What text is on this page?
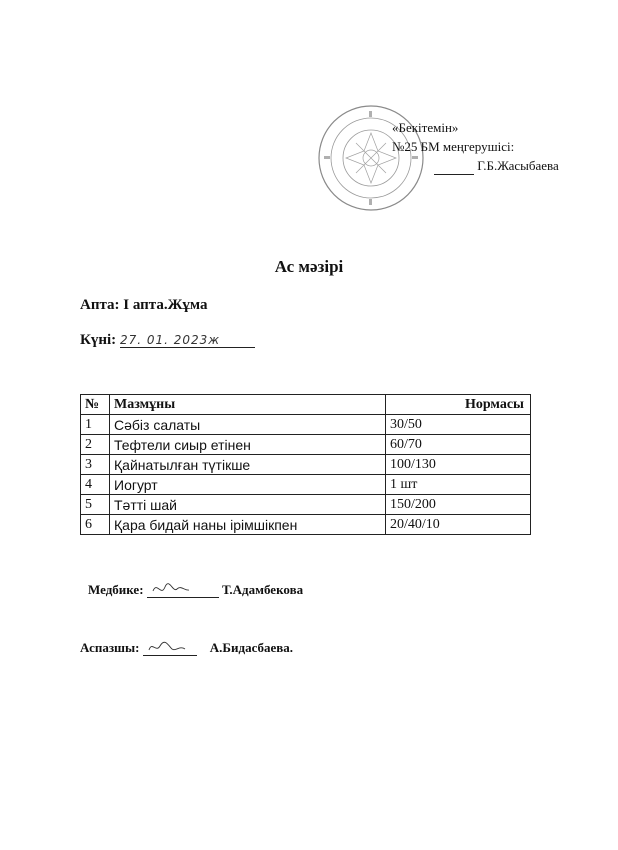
«Бекітемін»
№25 БМ меңгерушісі:
Г.Б.Жасыбаева
Ас мәзірі
Апта: I апта.Жұма
Күні: 27. 01. 2023ж
№	Мазмұны	Нормасы
1	Сәбіз салаты	30/50
2	Тефтели сиыр етінен	60/70
3	Қайнатылған түтікше	100/130
4	Иогурт	1 шт
5	Тәтті шай	150/200
6	Қара бидай наны ірімшікпен	20/40/10
Медбике:	Т.Адамбекова
Аспазшы:	А.Бидасбаева.
